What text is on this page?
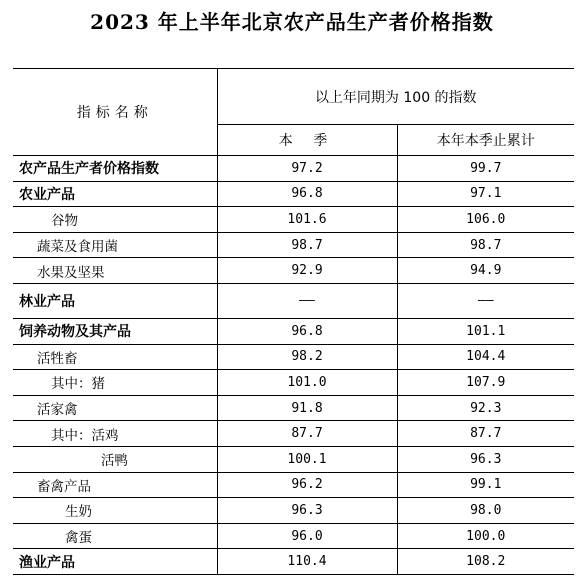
2023 年上半年北京农产品生产者价格指数
指标名称	以上年同期为 100 的指数	
	本 季	本年本季止累计
农产品生产者价格指数	97.2	99.7
农业产品	96.8	97.1
谷物	101.6	106.0
蔬菜及食用菌	98.7	98.7
水果及坚果	92.9	94.9
林业产品	——	——
饲养动物及其产品	96.8	101.1
活牲畜	98.2	104.4
其中：猪	101.0	107.9
活家禽	91.8	92.3
其中：活鸡	87.7	87.7
活鸭	100.1	96.3
畜禽产品	96.2	99.1
生奶	96.3	98.0
禽蛋	96.0	100.0
渔业产品	110.4	108.2
